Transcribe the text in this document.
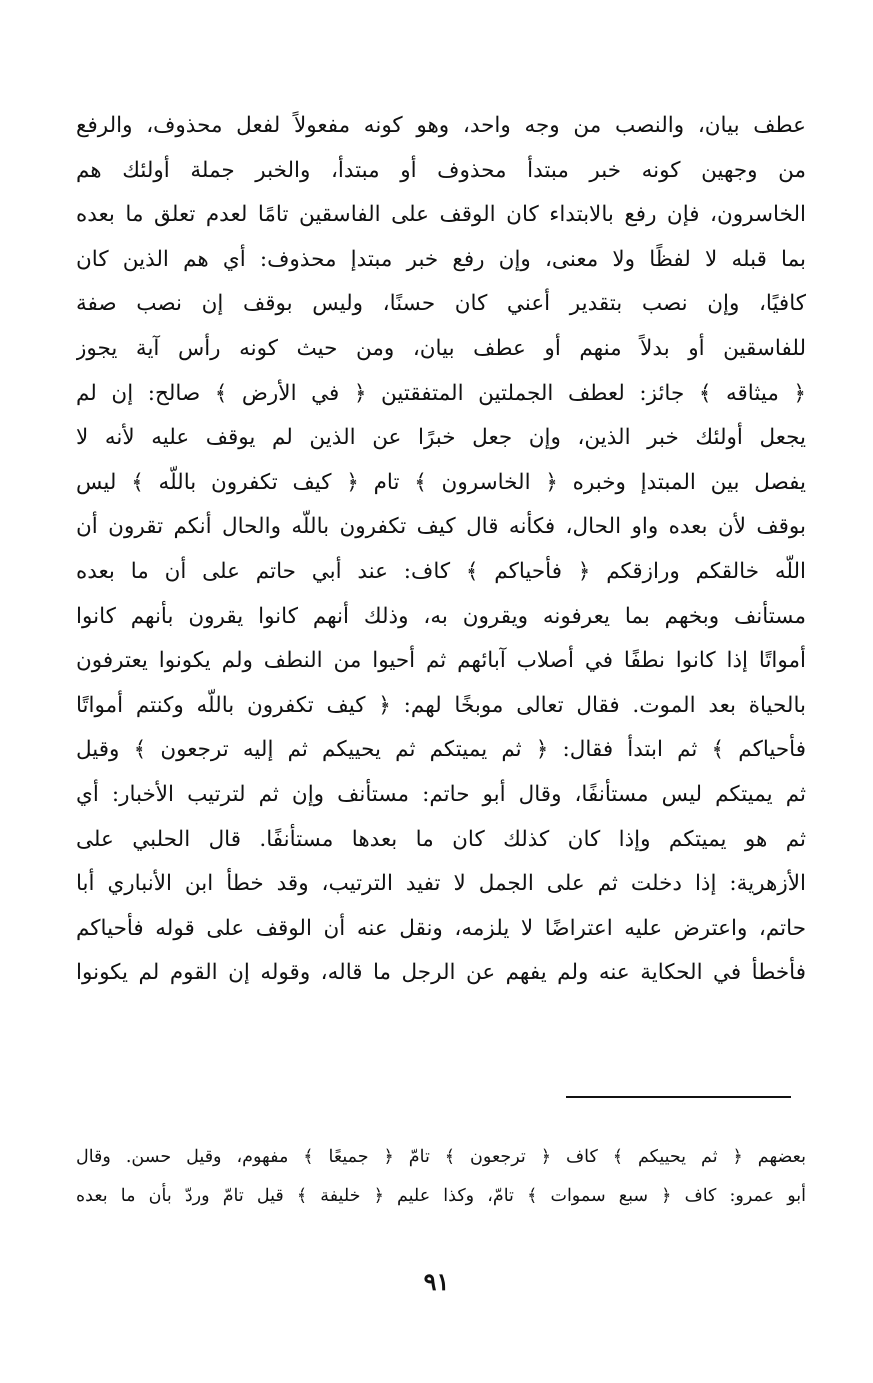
عطف بيان، والنصب من وجه واحد، وهو كونه مفعولاً لفعل محذوف، والرفع
من وجهين كونه خبر مبتدأ محذوف أو مبتدأ، والخبر جملة أولئك هم
الخاسرون، فإن رفع بالابتداء كان الوقف على الفاسقين تامًا لعدم تعلق ما بعده
بما قبله لا لفظًا ولا معنى، وإن رفع خبر مبتدإ محذوف: أي هم الذين كان
كافيًا، وإن نصب بتقدير أعني كان حسنًا، وليس بوقف إن نصب صفة
للفاسقين أو بدلاً منهم أو عطف بيان، ومن حيث كونه رأس آية يجوز
﴿ ميثاقه ﴾ جائز: لعطف الجملتين المتفقتين ﴿ في الأرض ﴾ صالح: إن لم
يجعل أولئك خبر الذين، وإن جعل خبرًا عن الذين لم يوقف عليه لأنه لا
يفصل بين المبتدإ وخبره ﴿ الخاسرون ﴾ تام ﴿ كيف تكفرون باللّه ﴾ ليس
بوقف لأن بعده واو الحال، فكأنه قال كيف تكفرون باللّه والحال أنكم تقرون أن
اللّه خالقكم ورازقكم ﴿ فأحياكم ﴾ كاف: عند أبي حاتم على أن ما بعده
مستأنف وبخهم بما يعرفونه ويقرون به، وذلك أنهم كانوا يقرون بأنهم كانوا
أمواتًا إذا كانوا نطفًا في أصلاب آبائهم ثم أحيوا من النطف ولم يكونوا يعترفون
بالحياة بعد الموت. فقال تعالى موبخًا لهم: ﴿ كيف تكفرون باللّه وكنتم أمواتًا
فأحياكم ﴾ ثم ابتدأ فقال: ﴿ ثم يميتكم ثم يحييكم ثم إليه ترجعون ﴾ وقيل
ثم يميتكم ليس مستأنفًا، وقال أبو حاتم: مستأنف وإن ثم لترتيب الأخبار: أي
ثم هو يميتكم وإذا كان كذلك كان ما بعدها مستأنفًا. قال الحلبي على
الأزهرية: إذا دخلت ثم على الجمل لا تفيد الترتيب، وقد خطأ ابن الأنباري أبا
حاتم، واعترض عليه اعتراضًا لا يلزمه، ونقل عنه أن الوقف على قوله فأحياكم
فأخطأ في الحكاية عنه ولم يفهم عن الرجل ما قاله، وقوله إن القوم لم يكونوا
بعضهم ﴿ ثم يحييكم ﴾ كاف ﴿ ترجعون ﴾ تامّ ﴿ جميعًا ﴾ مفهوم، وقيل حسن. وقال
أبو عمرو: كاف ﴿ سبع سموات ﴾ تامّ، وكذا عليم ﴿ خليفة ﴾ قيل تامّ وردّ بأن ما بعده
٩١
